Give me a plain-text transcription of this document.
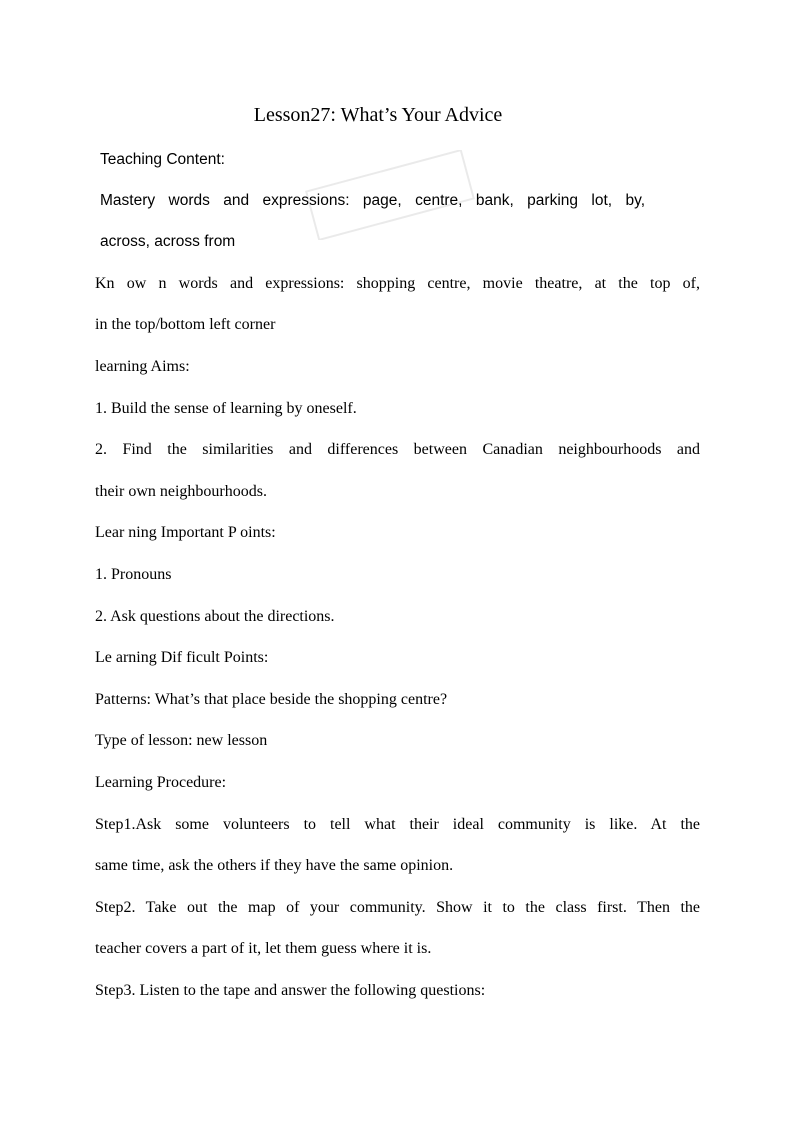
Lesson27: What’s Your Advice
Teaching Content:
Mastery words and expressions: page, centre, bank, parking lot, by,
across, across from
Kn ow n words and expressions: shopping centre, movie theatre, at the top of,
in the top/bottom left corner
learning Aims:
1. Build the sense of learning by oneself.
2. Find the similarities and differences between Canadian neighbourhoods and
their own neighbourhoods.
Lear ning Important P oints:
1. Pronouns
2. Ask questions about the directions.
Le arning Dif ficult Points:
Patterns: What’s that place beside the shopping centre?
Type of lesson: new lesson
Learning Procedure:
Step1.Ask some volunteers to tell what their ideal community is like. At the
same time, ask the others if they have the same opinion.
Step2. Take out the map of your community. Show it to the class first. Then the
teacher covers a part of it, let them guess where it is.
Step3. Listen to the tape and answer the following questions:
